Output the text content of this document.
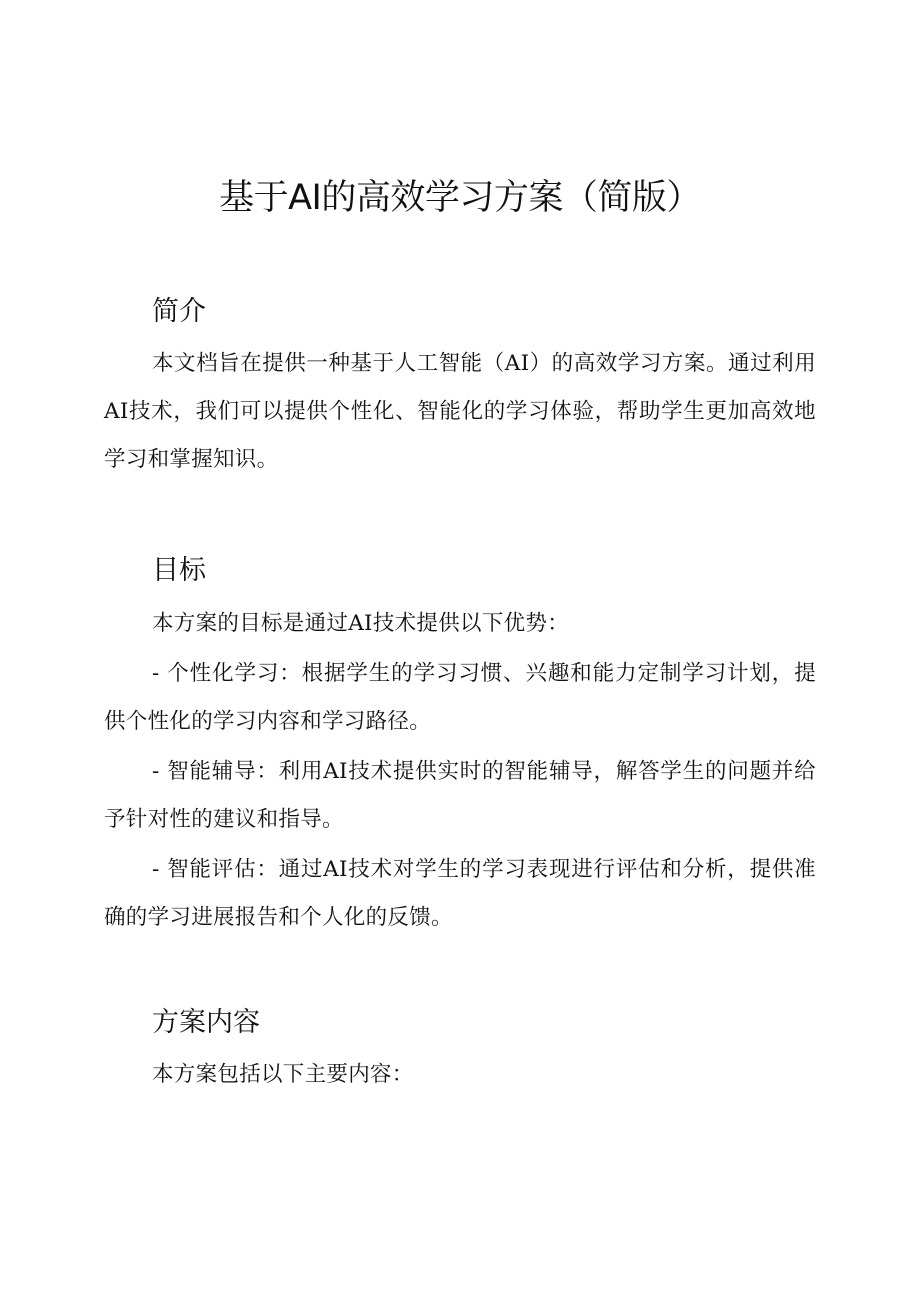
基于AI的高效学习方案（简版）
简介

本文档旨在提供一种基于人工智能（AI）的高效学习方案。通过利用AI技术，我们可以提供个性化、智能化的学习体验，帮助学生更加高效地学习和掌握知识。

目标

本方案的目标是通过AI技术提供以下优势：

- 个性化学习：根据学生的学习习惯、兴趣和能力定制学习计划，提供个性化的学习内容和学习路径。

- 智能辅导：利用AI技术提供实时的智能辅导，解答学生的问题并给予针对性的建议和指导。

- 智能评估：通过AI技术对学生的学习表现进行评估和分析，提供准确的学习进展报告和个人化的反馈。

方案内容

本方案包括以下主要内容：
